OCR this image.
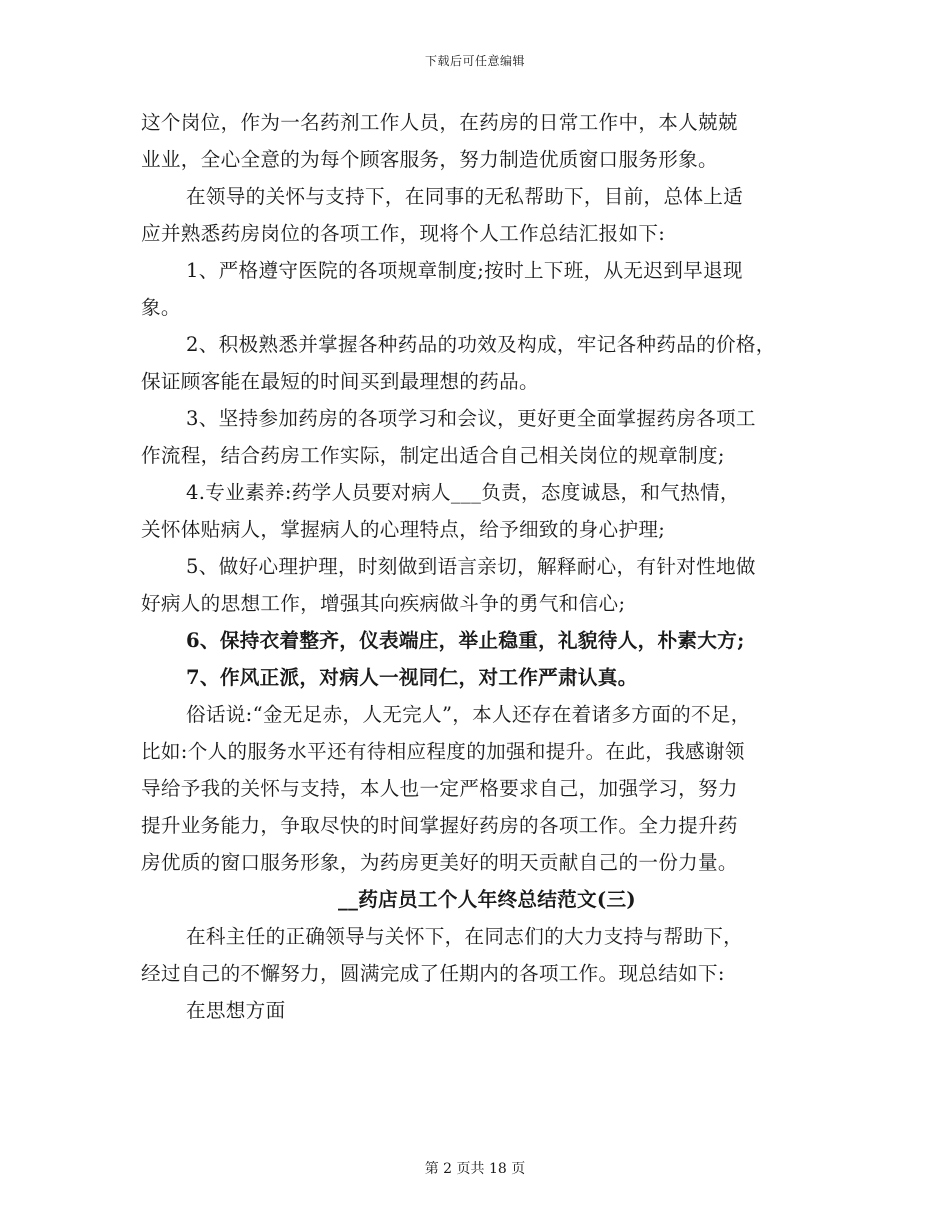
下载后可任意编辑
这个岗位，作为一名药剂工作人员，在药房的日常工作中，本人兢兢
业业，全心全意的为每个顾客服务，努力制造优质窗口服务形象。
在领导的关怀与支持下，在同事的无私帮助下，目前，总体上适
应并熟悉药房岗位的各项工作，现将个人工作总结汇报如下:
1、严格遵守医院的各项规章制度;按时上下班，从无迟到早退现
象。
2、积极熟悉并掌握各种药品的功效及构成，牢记各种药品的价格，
保证顾客能在最短的时间买到最理想的药品。
3、坚持参加药房的各项学习和会议，更好更全面掌握药房各项工
作流程，结合药房工作实际，制定出适合自己相关岗位的规章制度;
4.专业素养:药学人员要对病人___负责，态度诚恳，和气热情，
关怀体贴病人，掌握病人的心理特点，给予细致的身心护理;
5、做好心理护理，时刻做到语言亲切，解释耐心，有针对性地做
好病人的思想工作，增强其向疾病做斗争的勇气和信心;
6、保持衣着整齐，仪表端庄，举止稳重，礼貌待人，朴素大方;
7、作风正派，对病人一视同仁，对工作严肃认真。
俗话说:“金无足赤，人无完人”，本人还存在着诸多方面的不足，
比如:个人的服务水平还有待相应程度的加强和提升。在此，我感谢领
导给予我的关怀与支持，本人也一定严格要求自己，加强学习，努力
提升业务能力，争取尽快的时间掌握好药房的各项工作。全力提升药
房优质的窗口服务形象，为药房更美好的明天贡献自己的一份力量。
__药店员工个人年终总结范文(三)
在科主任的正确领导与关怀下，在同志们的大力支持与帮助下，
经过自己的不懈努力，圆满完成了任期内的各项工作。现总结如下:
在思想方面
第 2 页共 18 页
